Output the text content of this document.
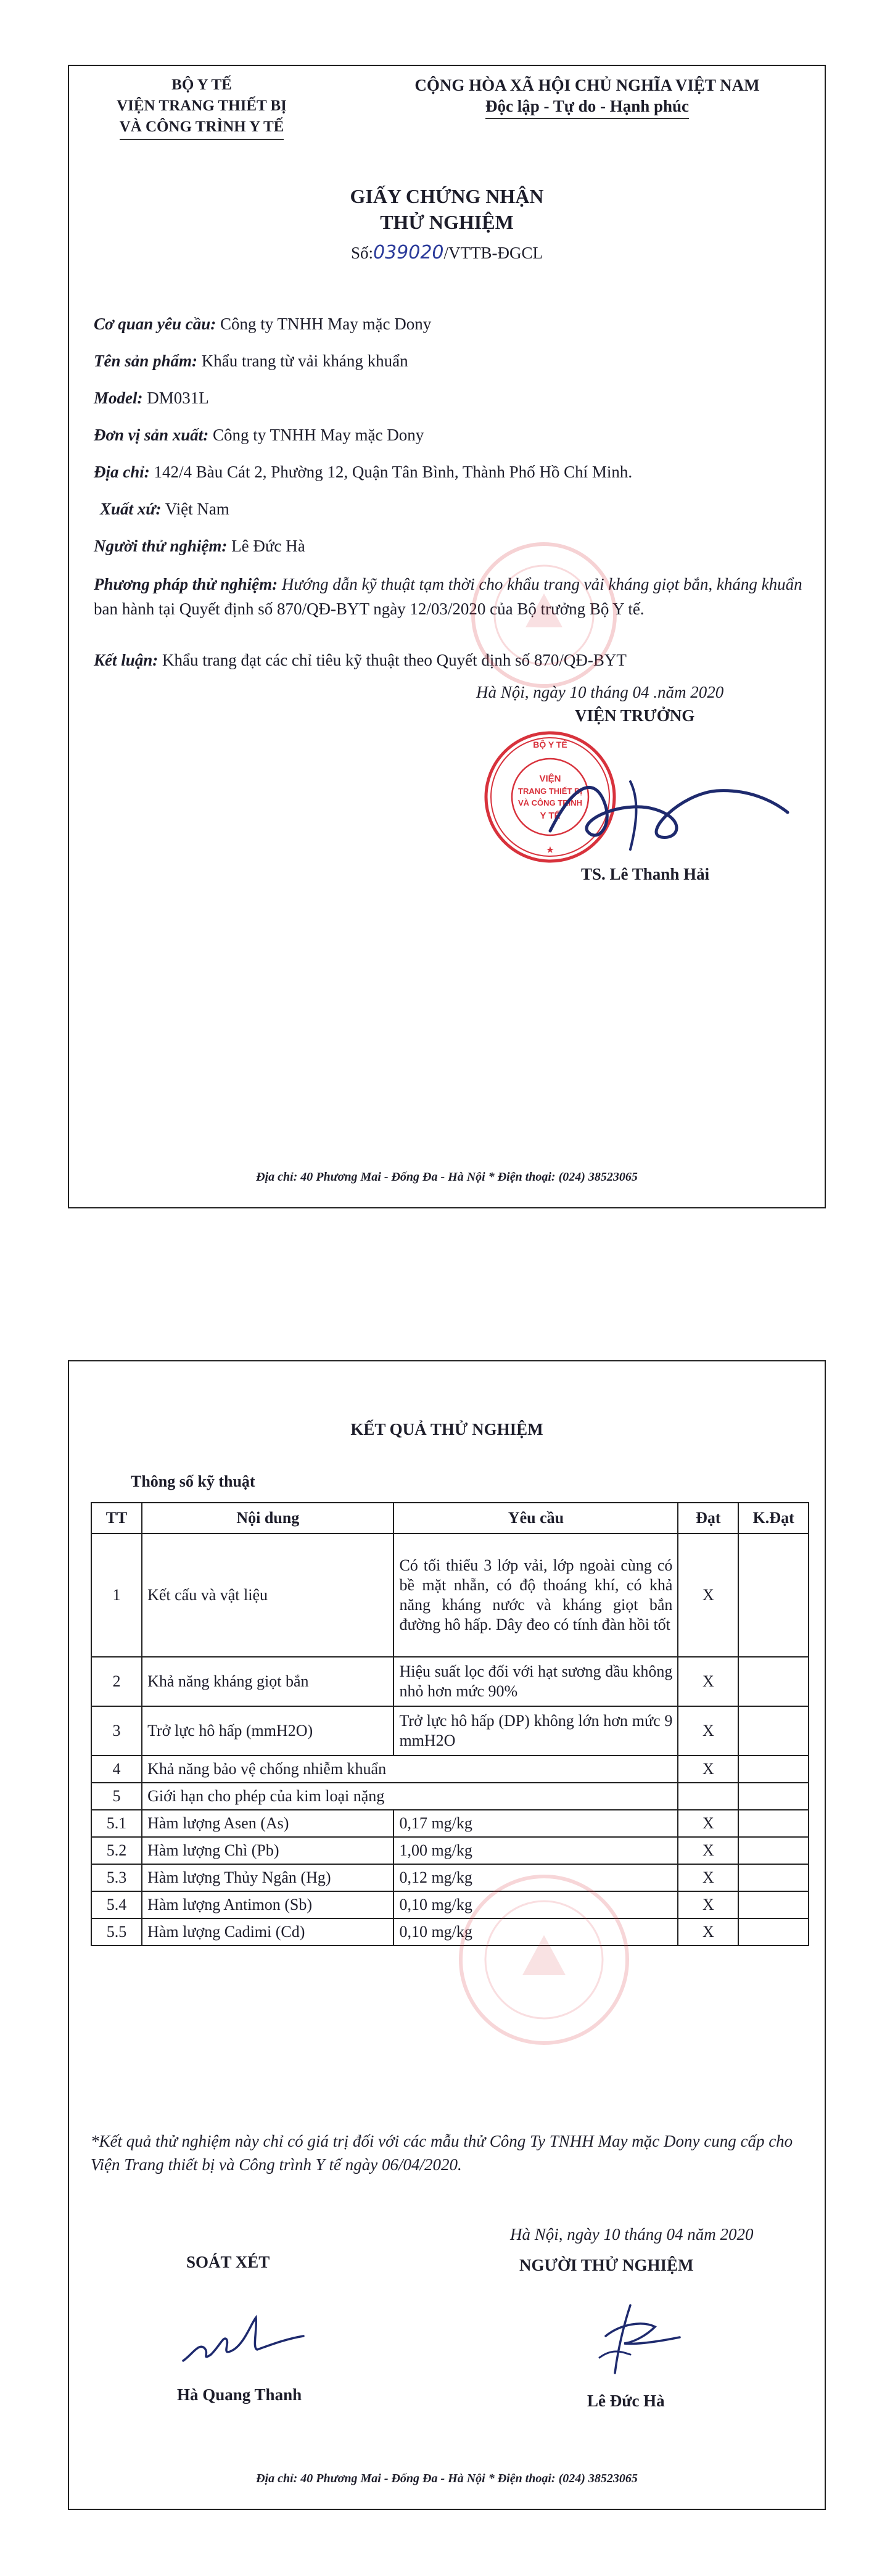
BỘ Y TẾ
VIỆN TRANG THIẾT BỊ
VÀ CÔNG TRÌNH Y TẾ
CỘNG HÒA XÃ HỘI CHỦ NGHĨA VIỆT NAM
Độc lập - Tự do - Hạnh phúc
GIẤY CHỨNG NHẬN
THỬ NGHIỆM
Số:039020/VTTB-ĐGCL
Cơ quan yêu cầu: Công ty TNHH May mặc Dony
Tên sản phẩm: Khẩu trang từ vải kháng khuẩn
Model: DM031L
Đơn vị sản xuất: Công ty TNHH May mặc Dony
Địa chỉ: 142/4 Bàu Cát 2, Phường 12, Quận Tân Bình, Thành Phố Hồ Chí Minh.
Xuất xứ: Việt Nam
Người thử nghiệm: Lê Đức Hà
Phương pháp thử nghiệm: Hướng dẫn kỹ thuật tạm thời cho khẩu trang vải kháng giọt bắn, kháng khuẩn ban hành tại Quyết định số 870/QĐ-BYT ngày 12/03/2020 của Bộ trưởng Bộ Y tế.
Kết luận: Khẩu trang đạt các chỉ tiêu kỹ thuật theo Quyết định số 870/QĐ-BYT
Hà Nội, ngày 10 tháng 04 .năm 2020
VIỆN TRƯỞNG
BỘ Y TẾ
VIỆN
TRANG THIẾT BỊ
VÀ CÔNG TRÌNH
Y TẾ
★
TS. Lê Thanh Hải
Địa chỉ: 40 Phương Mai - Đống Đa - Hà Nội * Điện thoại: (024) 38523065
KẾT QUẢ THỬ NGHIỆM
Thông số kỹ thuật
TT	Nội dung	Yêu cầu	Đạt	K.Đạt
1	Kết cấu và vật liệu	Có tối thiểu 3 lớp vải, lớp ngoài cùng có bề mặt nhẵn, có độ thoáng khí, có khả năng kháng nước và kháng giọt bắn đường hô hấp. Dây đeo có tính đàn hồi tốt	X	
2	Khả năng kháng giọt bắn	Hiệu suất lọc đối với hạt sương dầu không nhỏ hơn mức 90%	X	
3	Trở lực hô hấp (mmH2O)	Trở lực hô hấp (DP) không lớn hơn mức 9 mmH2O	X	
4	Khả năng bảo vệ chống nhiễm khuẩn		X	
5	Giới hạn cho phép của kim loại nặng			
5.1	Hàm lượng Asen (As)	0,17 mg/kg	X	
5.2	Hàm lượng Chì (Pb)	1,00 mg/kg	X	
5.3	Hàm lượng Thủy Ngân (Hg)	0,12 mg/kg	X	
5.4	Hàm lượng Antimon (Sb)	0,10 mg/kg	X	
5.5	Hàm lượng Cadimi (Cd)	0,10 mg/kg	X	
*Kết quả thử nghiệm này chỉ có giá trị đối với các mẫu thử Công Ty TNHH May mặc Dony cung cấp cho Viện Trang thiết bị và Công trình Y tế ngày 06/04/2020.
Hà Nội, ngày 10 tháng 04 năm 2020
SOÁT XÉT	NGƯỜI THỬ NGHIỆM
Hà Quang Thanh	Lê Đức Hà
Địa chỉ: 40 Phương Mai - Đống Đa - Hà Nội * Điện thoại: (024) 38523065
